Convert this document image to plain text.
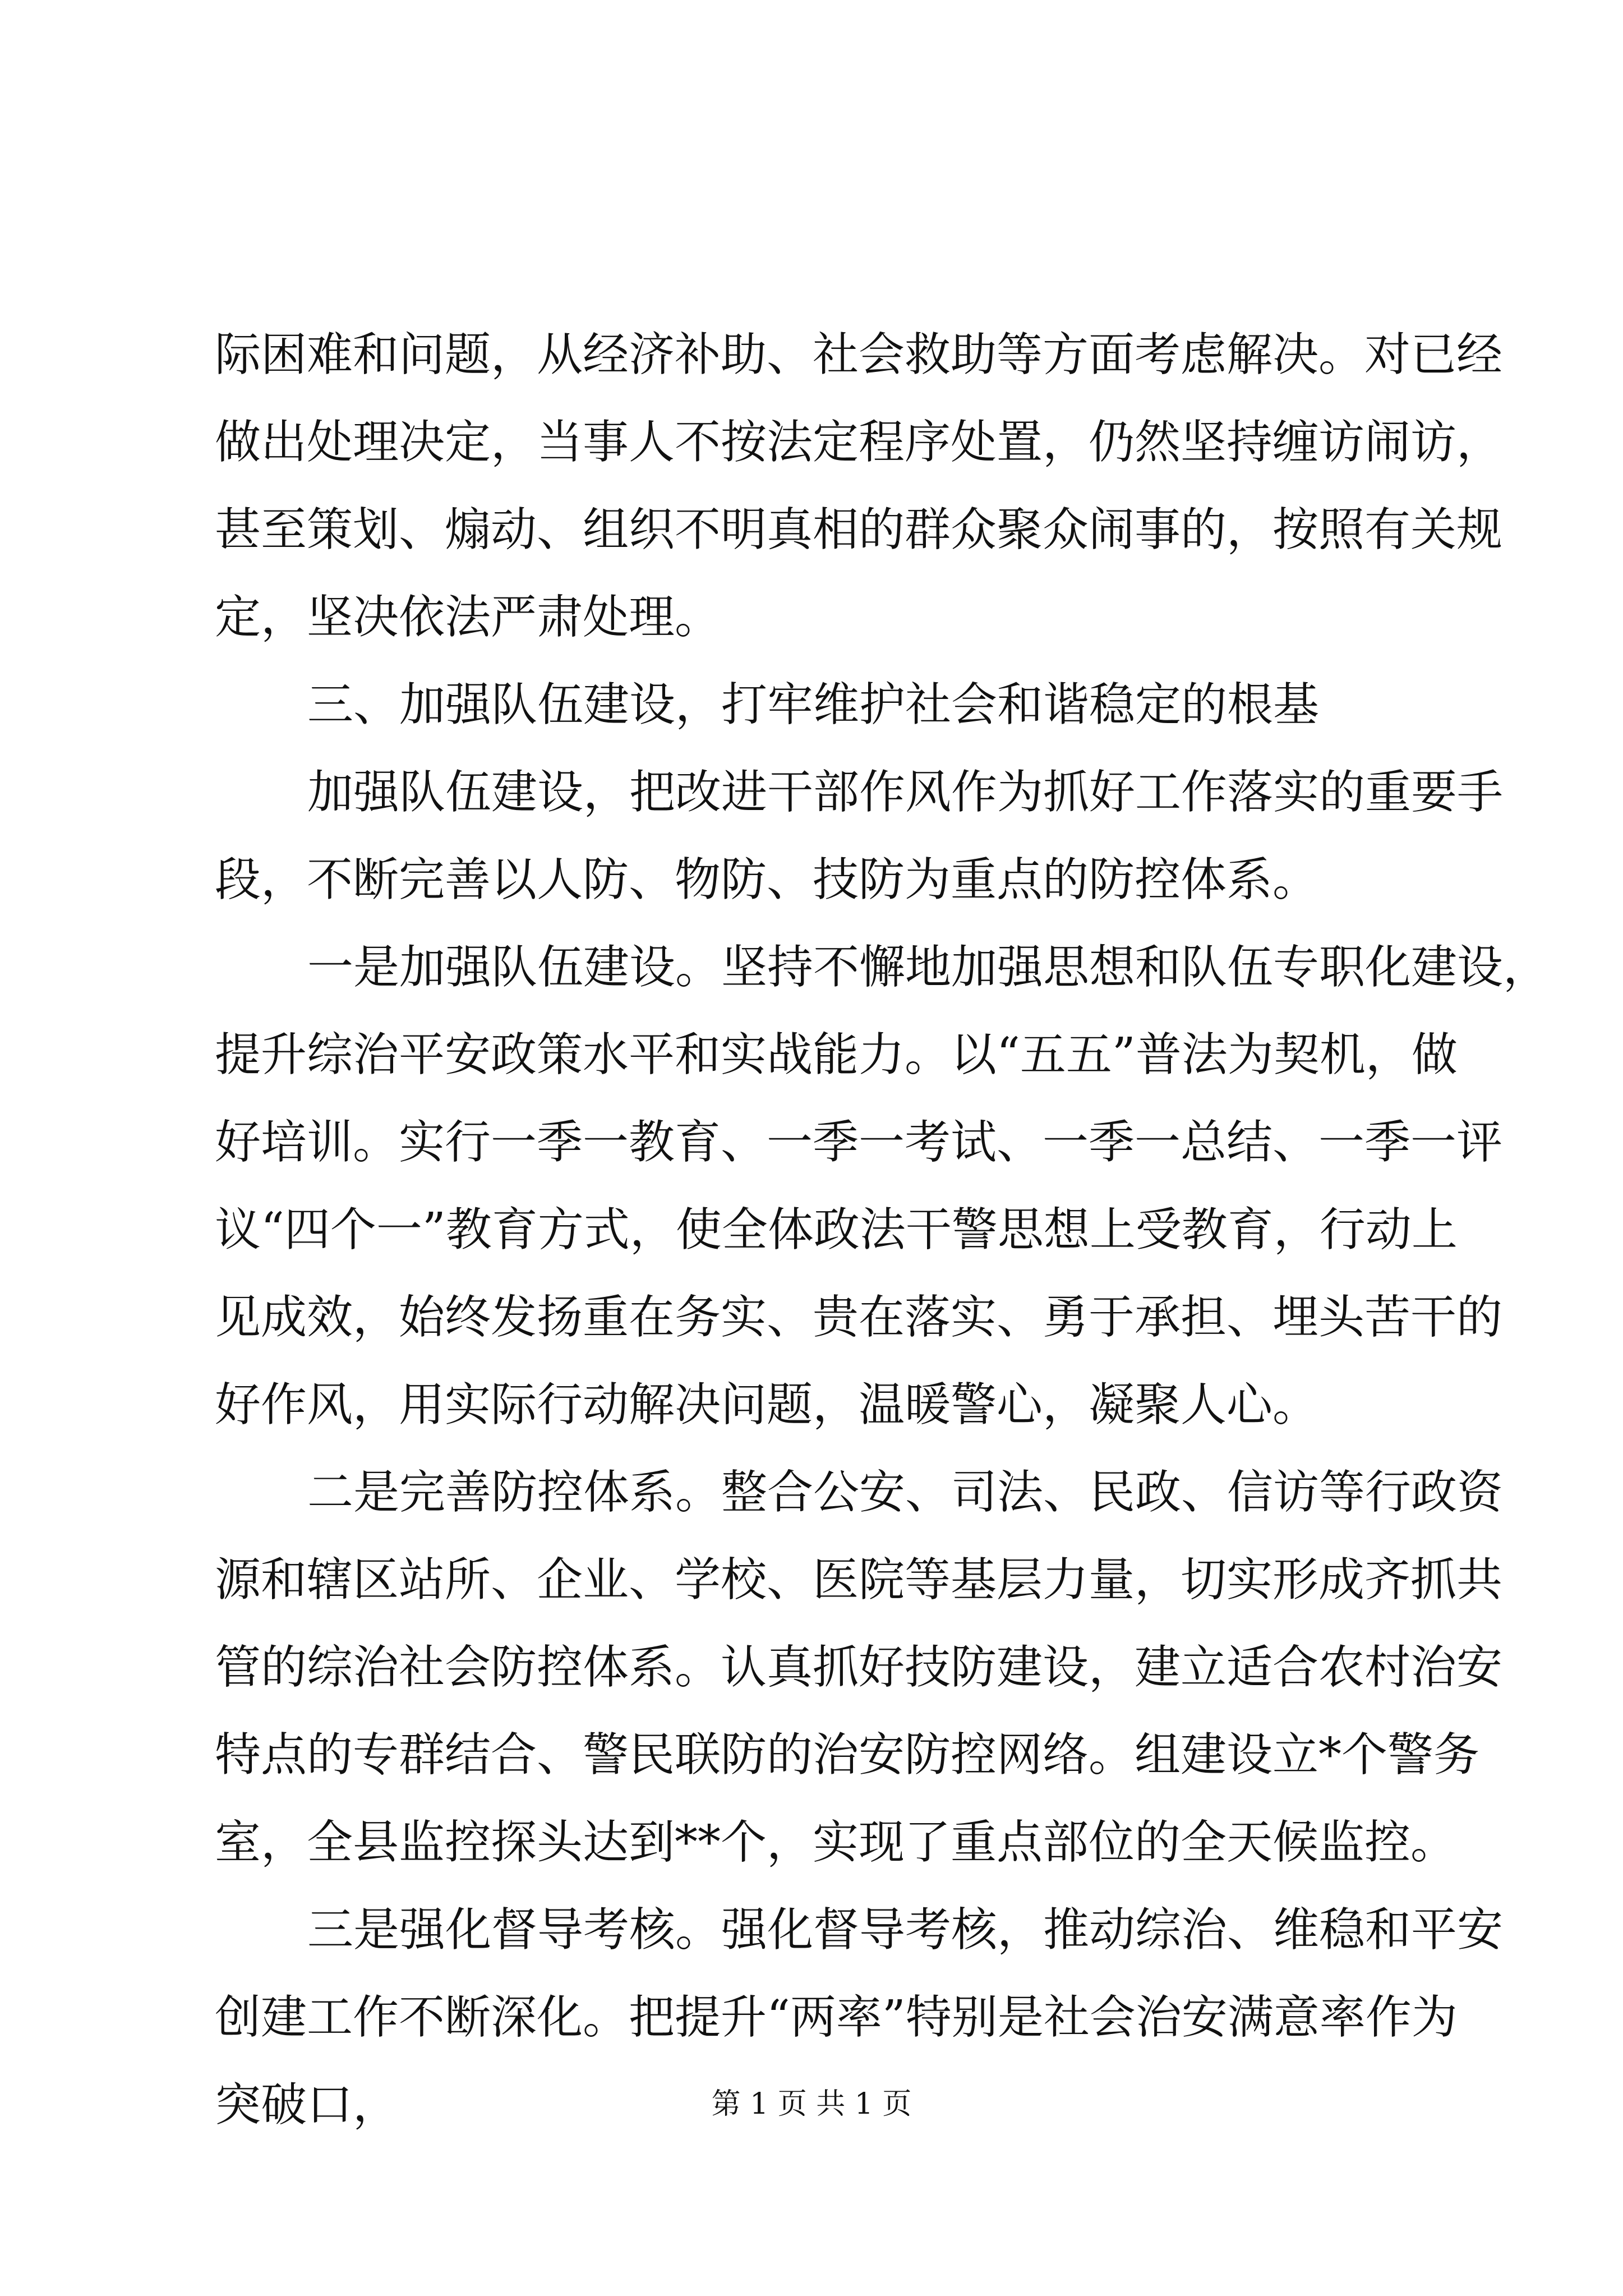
际困难和问题，从经济补助、社会救助等方面考虑解决。对已经
做出处理决定，当事人不按法定程序处置，仍然坚持缠访闹访，
甚至策划、煽动、组织不明真相的群众聚众闹事的，按照有关规
定，坚决依法严肃处理。
三、加强队伍建设，打牢维护社会和谐稳定的根基
加强队伍建设，把改进干部作风作为抓好工作落实的重要手
段，不断完善以人防、物防、技防为重点的防控体系。
一是加强队伍建设。坚持不懈地加强思想和队伍专职化建设，
提升综治平安政策水平和实战能力。以“五五”普法为契机，做
好培训。实行一季一教育、一季一考试、一季一总结、一季一评
议“四个一”教育方式，使全体政法干警思想上受教育，行动上
见成效，始终发扬重在务实、贵在落实、勇于承担、埋头苦干的
好作风，用实际行动解决问题，温暖警心，凝聚人心。
二是完善防控体系。整合公安、司法、民政、信访等行政资
源和辖区站所、企业、学校、医院等基层力量，切实形成齐抓共
管的综治社会防控体系。认真抓好技防建设，建立适合农村治安
特点的专群结合、警民联防的治安防控网络。组建设立*个警务
室，全县监控探头达到**个，实现了重点部位的全天候监控。
三是强化督导考核。强化督导考核，推动综治、维稳和平安
创建工作不断深化。把提升“两率”特别是社会治安满意率作为
突破口，	第 1 页 共 1 页
